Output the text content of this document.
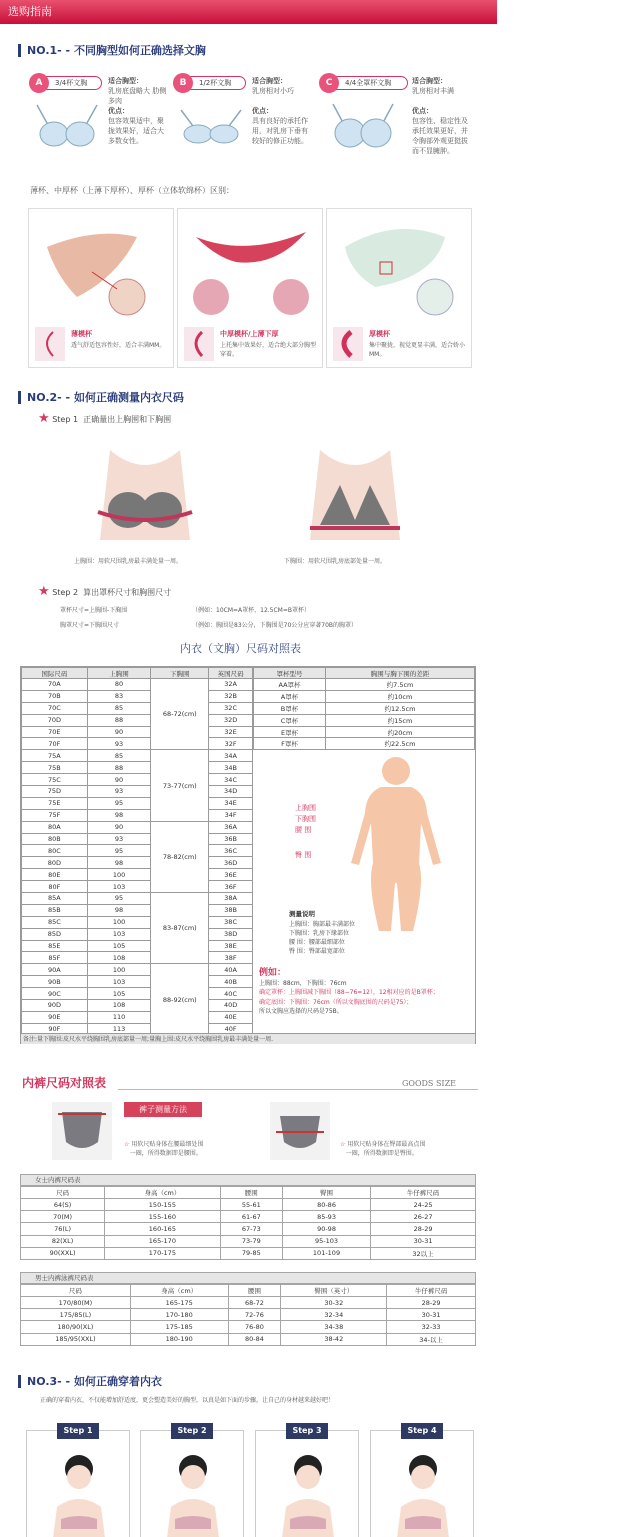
选购指南
NO.1- - 不同胸型如何正确选择文胸
A	3/4杯文胸	适合胸型：
乳房底盘略大 肋侧多肉
优点：
包容效果适中，聚拢效果好，适合大多数女性。
B	1/2杯文胸	适合胸型：
乳房相对小巧
优点：
具有良好的承托作用，对乳房下垂有较好的修正功能。
C	4/4全罩杯文胸	适合胸型：
乳房相对丰满
优点：
包容性、稳定性及承托效果更好，并令胸部外观更挺拔而不显臃肿。
薄杯、中厚杯（上薄下厚杯）、厚杯（立体软绵杯）区别：
薄模杯
透气舒适包容性好，适合丰满MM。
中厚模杯/上薄下厚
上托集中效果好，适合绝大部分胸型穿着。
厚模杯
集中聚拢，视觉更显丰满，适合娇小MM。
NO.2- - 如何正确测量内衣尺码
★ Step 1 正确量出上胸围和下胸围
上胸围：用软尺围乳房最丰满处量一周。	下胸围：用软尺围乳房底部处量一周。
★ Step 2 算出罩杯尺寸和胸围尺寸
罩杯尺寸=上胸围-下胸围	（例如：10CM=A罩杯，12.5CM=B罩杯）
胸罩尺寸=下胸围尺寸	（例如：胸围是83公分，下胸围是70公分应穿著70B的胸罩）
内衣（文胸）尺码对照表
国际尺码	上胸围	下胸围	英国尺码
70A	80	68-72(cm)	32A
70B	83		32B
70C	85		32C
70D	88		32D
70E	90		32E
70F	93		32F
75A	85	73-77(cm)	34A
75B	88		34B
75C	90		34C
75D	93		34D
75E	95		34E
75F	98		34F
80A	90	78-82(cm)	36A
80B	93		36B
80C	95		36C
80D	98		36D
80E	100		36E
80F	103		36F
85A	95	83-87(cm)	38A
85B	98		38B
85C	100		38C
85D	103		38D
85E	105		38E
85F	108		38F
90A	100	88-92(cm)	40A
90B	103		40B
90C	105		40C
90D	108		40D
90E	110		40E
90F	113		40F
罩杯型号	胸围与胸下围的差距
AA罩杯	约7.5cm
A罩杯	约10cm
B罩杯	约12.5cm
C罩杯	约15cm
E罩杯	约20cm
F罩杯	约22.5cm
上胸围
下胸围
腰 围
臀 围
测量说明
上胸围：胸部最丰满部位
下胸围：乳房下缘部位
腰 围：腰部最细部位
臀 围：臀部最宽部位
例如：
上胸围：88cm，下胸围：76cm
确定罩杯：上胸围减下胸围（88−76=12），12相对应的是B罩杯；
确定底围：下胸围：76cm（所以文胸底围的尺码是75）；
所以文胸应选择的尺码是75B。
备注:量下胸围:皮尺水平绕胸围乳房底部量一周;量胸上围:皮尺水平绕胸围乳房最丰满处量一周.
内裤尺码对照表	GOODS SIZE
裤子测量方法
☆ 用软尺贴身体在腰最细处围
一圈，所得数据即是腰围。
☆ 用软尺贴身体在臀部最高点围
一圈，所得数据即是臀围。
女士内裤尺码表
尺码	身高（cm）	腰围	臀围	牛仔裤尺码
64(S)	150-155	55-61	80-86	24-25
70(M)	155-160	61-67	85-93	26-27
76(L)	160-165	67-73	90-98	28-29
82(XL)	165-170	73-79	95-103	30-31
90(XXL)	170-175	79-85	101-109	32以上
男士内裤泳裤尺码表
尺码	身高（cm）	腰围	臀围（英寸）	牛仔裤尺码
170/80(M)	165-175	68-72	30-32	28-29
175/85(L)	170-180	72-76	32-34	30-31
180/90(XL)	175-185	76-80	34-38	32-33
185/95(XXL)	180-190	80-84	38-42	34-以上
NO.3- - 如何正确穿着内衣
正确的穿着内衣，不仅能增加舒适度，更会塑造美好的胸型，以真是如下面的步骤，让自己的身材越来越好吧！
Step 1	Step 2	Step 3	Step 4
